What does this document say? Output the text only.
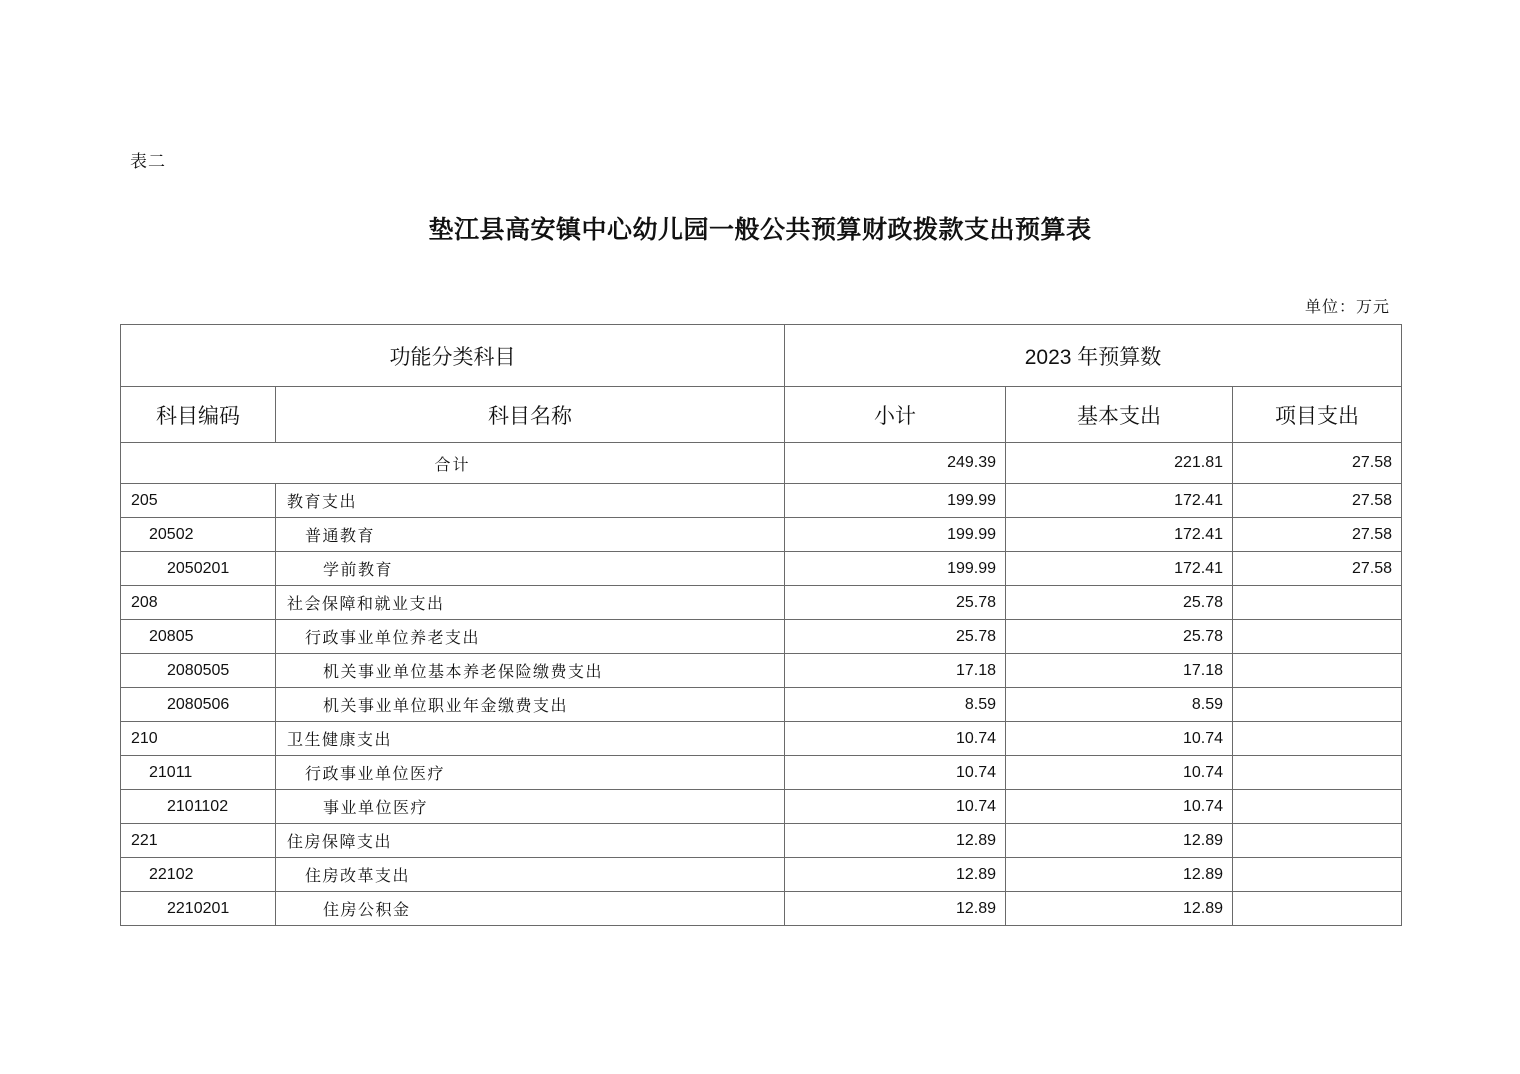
表二
垫江县高安镇中心幼儿园一般公共预算财政拨款支出预算表
单位：万元
功能分类科目		2023 年预算数		
科目编码	科目名称	小计	基本支出	项目支出
合计		249.39	221.81	27.58
205	教育支出	199.99	172.41	27.58
20502	普通教育	199.99	172.41	27.58
2050201	学前教育	199.99	172.41	27.58
208	社会保障和就业支出	25.78	25.78	
20805	行政事业单位养老支出	25.78	25.78	
2080505	机关事业单位基本养老保险缴费支出	17.18	17.18	
2080506	机关事业单位职业年金缴费支出	8.59	8.59	
210	卫生健康支出	10.74	10.74	
21011	行政事业单位医疗	10.74	10.74	
2101102	事业单位医疗	10.74	10.74	
221	住房保障支出	12.89	12.89	
22102	住房改革支出	12.89	12.89	
2210201	住房公积金	12.89	12.89	
